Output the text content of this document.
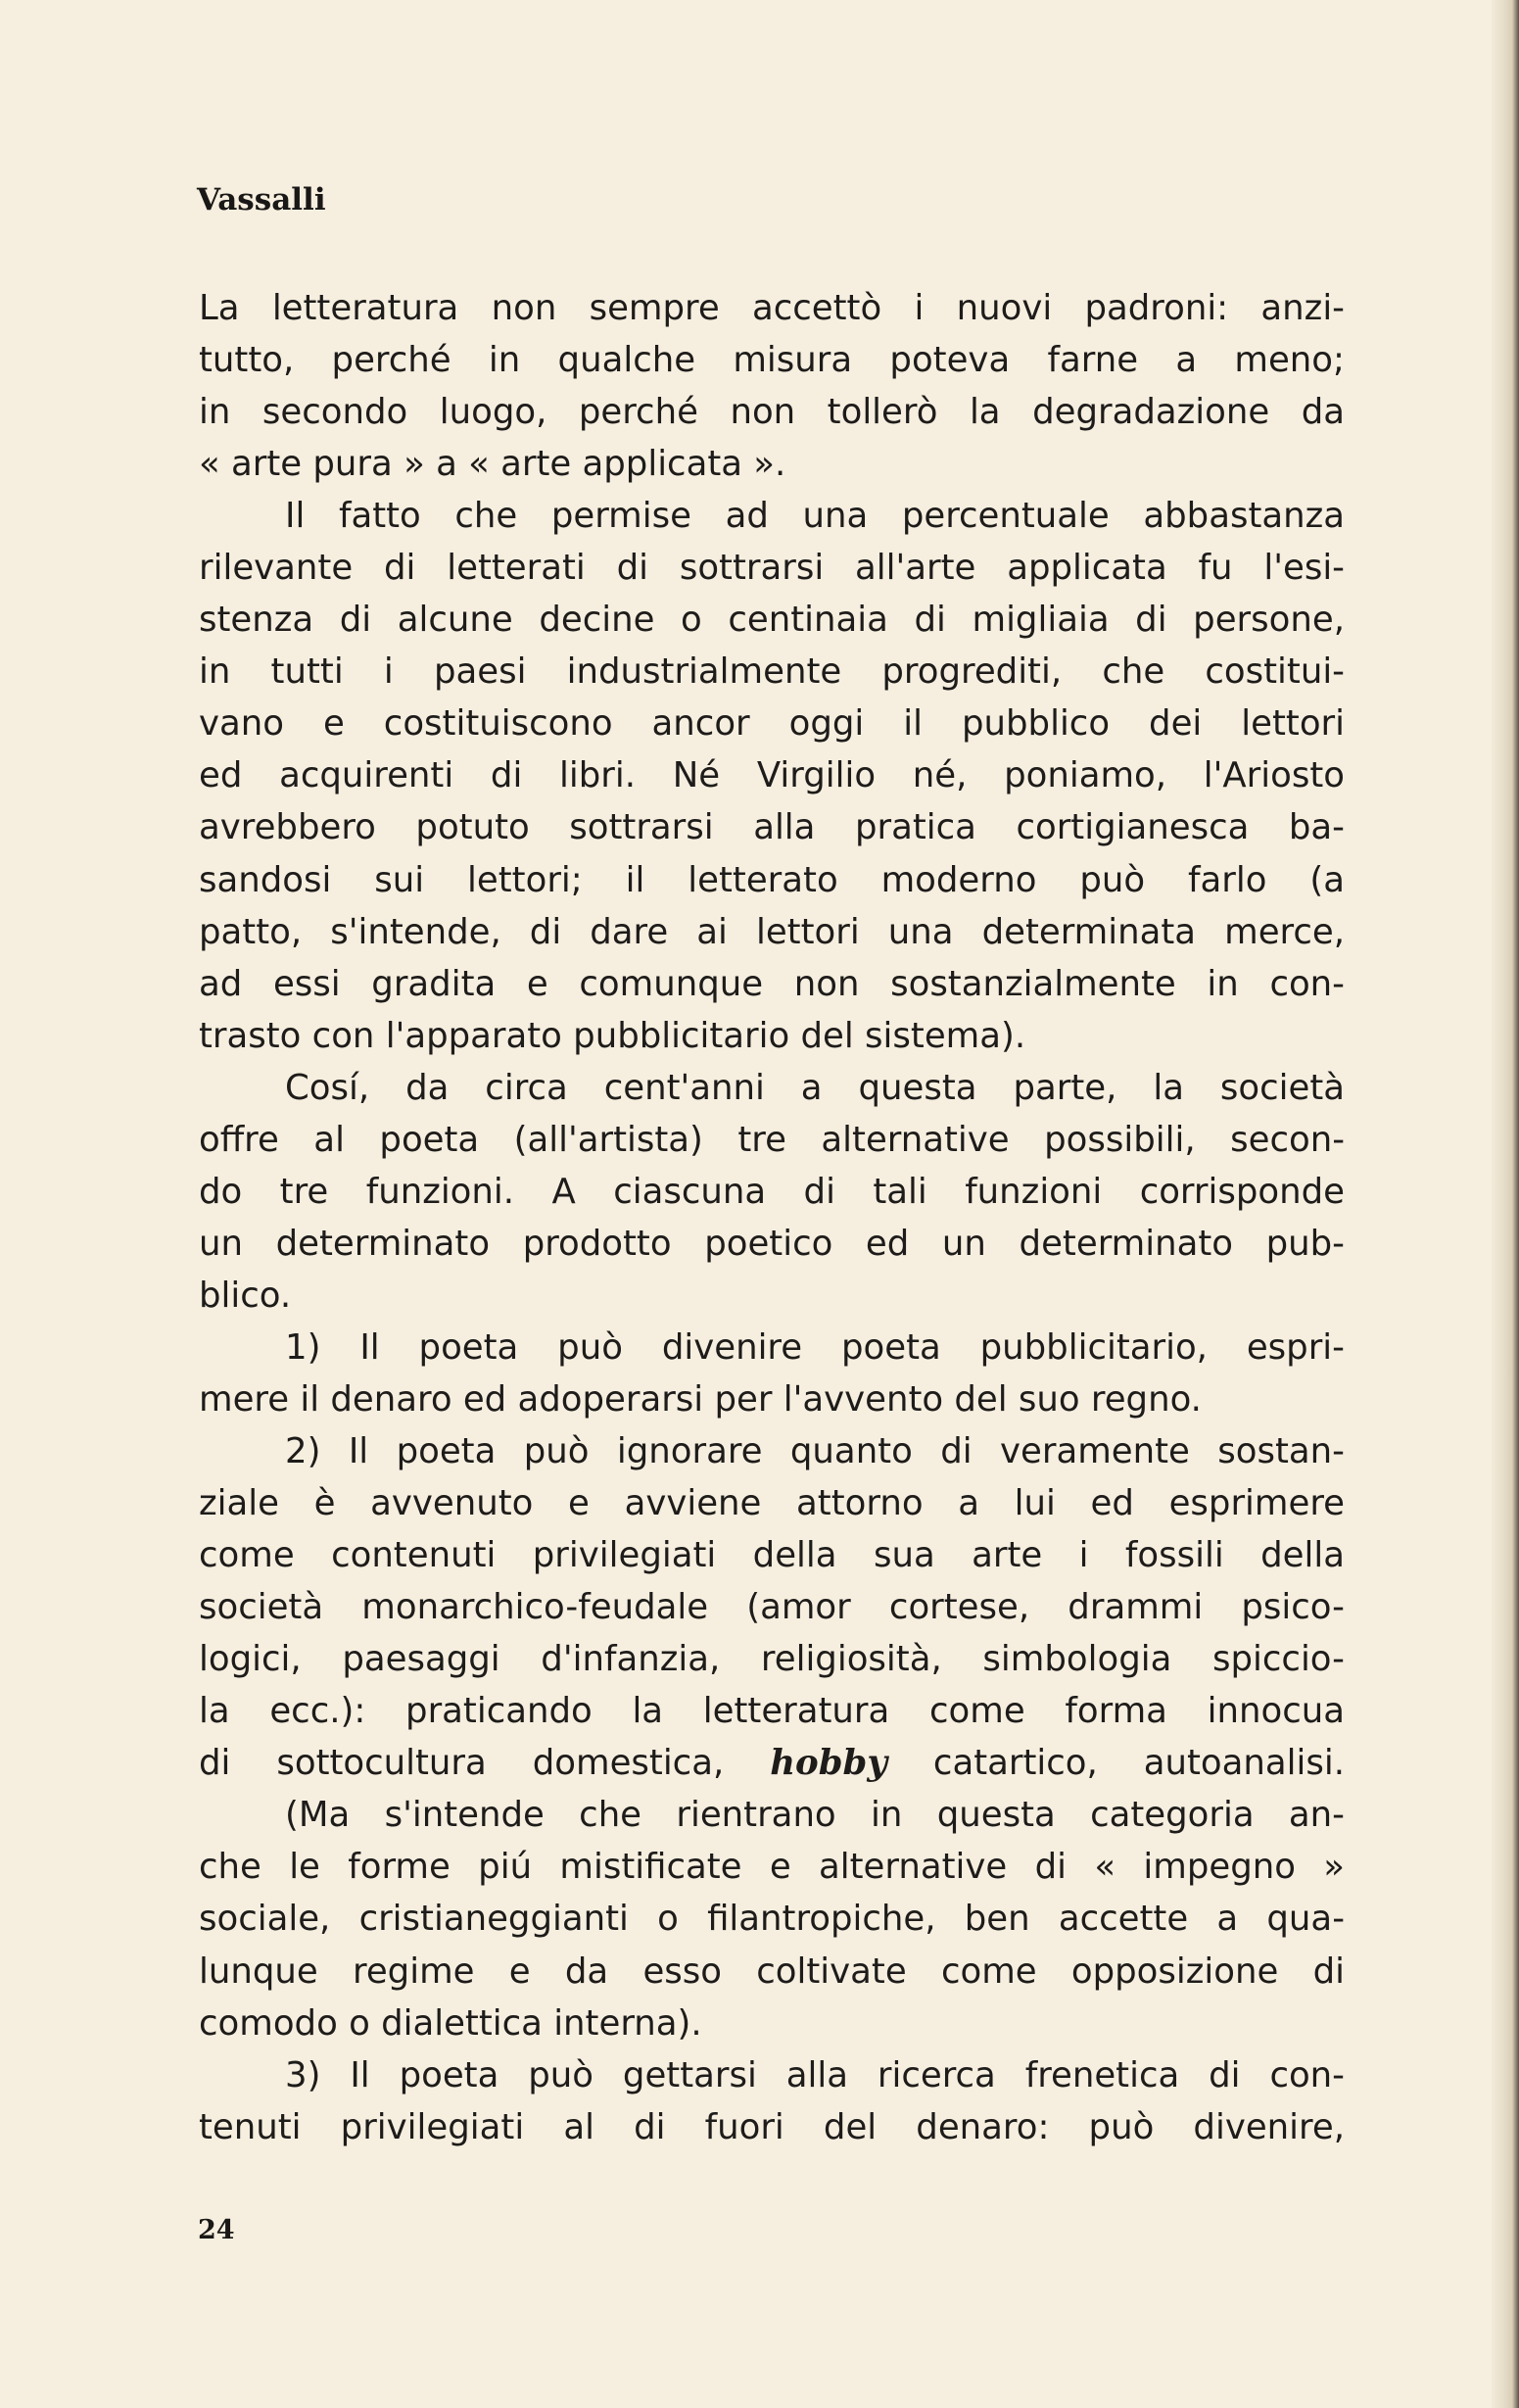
Vassalli
La letteratura non sempre accettò i nuovi padroni: anzi-
tutto, perché in qualche misura poteva farne a meno;
in secondo luogo, perché non tollerò la degradazione da
« arte pura » a « arte applicata ».
Il fatto che permise ad una percentuale abbastanza
rilevante di letterati di sottrarsi all'arte applicata fu l'esi-
stenza di alcune decine o centinaia di migliaia di persone,
in tutti i paesi industrialmente progrediti, che costitui-
vano e costituiscono ancor oggi il pubblico dei lettori
ed acquirenti di libri. Né Virgilio né, poniamo, l'Ariosto
avrebbero potuto sottrarsi alla pratica cortigianesca ba-
sandosi sui lettori; il letterato moderno può farlo (a
patto, s'intende, di dare ai lettori una determinata merce,
ad essi gradita e comunque non sostanzialmente in con-
trasto con l'apparato pubblicitario del sistema).
Cosí, da circa cent'anni a questa parte, la società
offre al poeta (all'artista) tre alternative possibili, secon-
do tre funzioni. A ciascuna di tali funzioni corrisponde
un determinato prodotto poetico ed un determinato pub-
blico.
1) Il poeta può divenire poeta pubblicitario, espri-
mere il denaro ed adoperarsi per l'avvento del suo regno.
2) Il poeta può ignorare quanto di veramente sostan-
ziale è avvenuto e avviene attorno a lui ed esprimere
come contenuti privilegiati della sua arte i fossili della
società monarchico-feudale (amor cortese, drammi psico-
logici, paesaggi d'infanzia, religiosità, simbologia spiccio-
la ecc.): praticando la letteratura come forma innocua
di sottocultura domestica, hobby catartico, autoanalisi.
(Ma s'intende che rientrano in questa categoria an-
che le forme piú mistificate e alternative di « impegno »
sociale, cristianeggianti o filantropiche, ben accette a qua-
lunque regime e da esso coltivate come opposizione di
comodo o dialettica interna).
3) Il poeta può gettarsi alla ricerca frenetica di con-
tenuti privilegiati al di fuori del denaro: può divenire,
24
